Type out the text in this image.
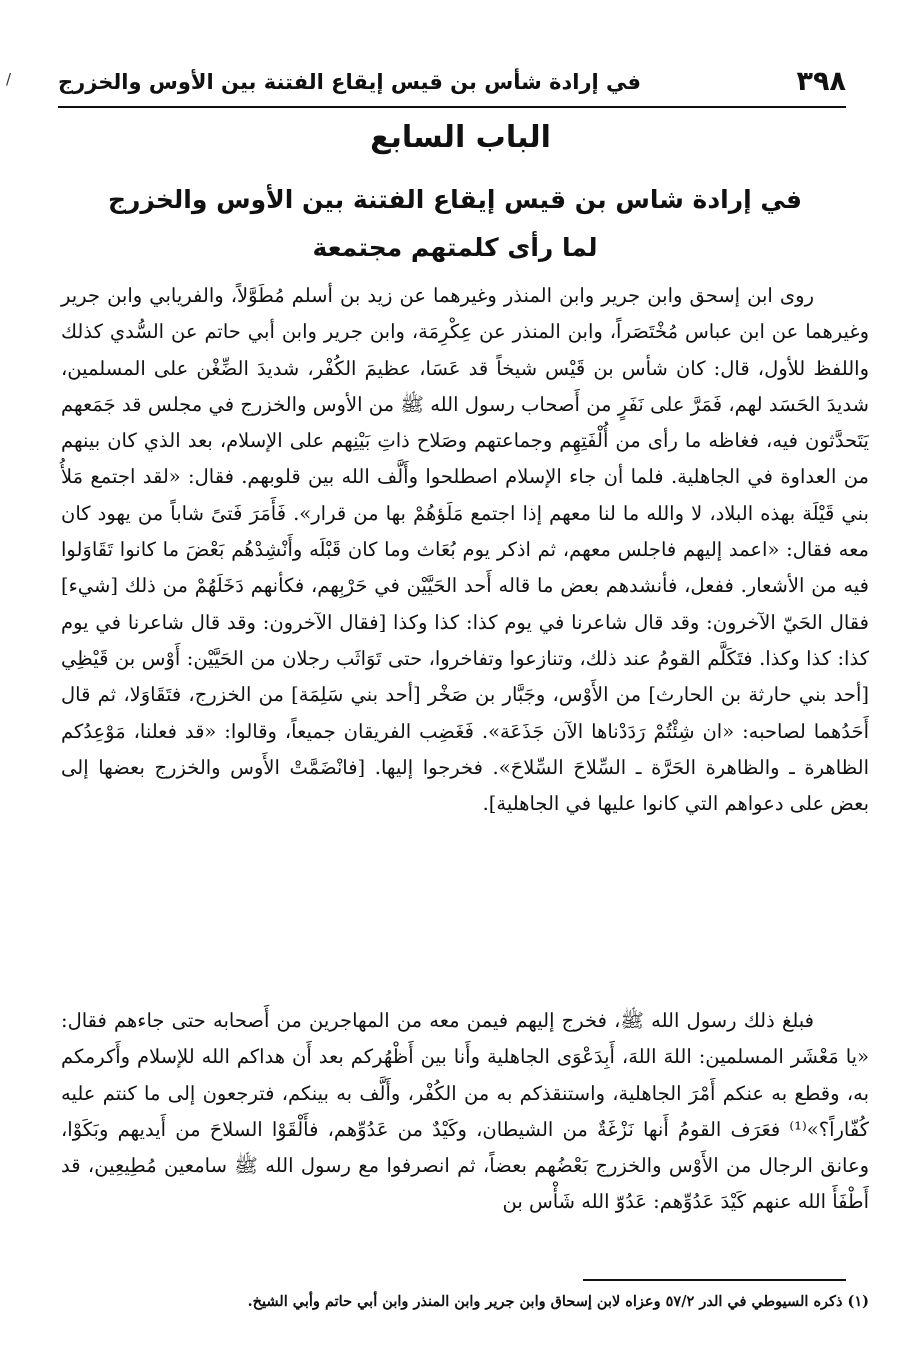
/	٣٩٨
في إرادة شأس بن قيس إيقاع الفتنة بين الأوس والخزرج
الباب السابع
في إرادة شاس بن قيس إيقاع الفتنة بين الأوس والخزرج
لما رأى كلمتهم مجتمعة

روى ابن إسحق وابن جرير وابن المنذر وغيرهما عن زيد بن أسلم مُطَوَّلاً، والفريابي وابن جرير وغيرهما عن ابن عباس مُخْتَصَراً، وابن المنذر عن عِكْرِمَة، وابن جرير وابن أبي حاتم عن السُّدي كذلك واللفظ للأول، قال: كان شأس بن قَيْس شيخاً قد عَسَا، عظيمَ الكُفْر، شديدَ الضِّغْن على المسلمين، شديدَ الحَسَد لهم، فَمَرَّ على نَفَرٍ من أَصحاب رسول الله ﷺ من الأوس والخزرج في مجلس قد جَمَعهم يَتَحدَّثون فيه، فغاظه ما رأى من أُلْفَتِهِم وجماعتهم وصَلاح ذاتِ بَيْنِهم على الإسلام، بعد الذي كان بينهم من العداوة في الجاهلية. فلما أن جاء الإسلام اصطلحوا وأَلَّف الله بين قلوبهم. فقال: «لقد اجتمع مَلأُ بني قَيْلَة بهذه البلاد، لا والله ما لنا معهم إذا اجتمع مَلَؤهُمْ بها من قرار». فَأَمَرَ فَتىً شاباً من يهود كان معه فقال: «اعمد إليهم فاجلس معهم، ثم اذكر يوم بُعَاث وما كان قَبْلَه وأَنْشِدْهُم بَعْضَ ما كانوا تَقَاوَلوا فيه من الأشعار. ففعل، فأنشدهم بعض ما قاله أَحد الحَيَّيْن في حَرْبِهم، فكأنهم دَخَلَهُمْ من ذلك [شيء] فقال الحَيّ الآخرون: وقد قال شاعرنا في يوم كذا: كذا وكذا [فقال الآخرون: وقد قال شاعرنا في يوم كذا: كذا وكذا. فتَكَلَّم القومُ عند ذلك، وتنازعوا وتفاخروا، حتى تَوَاثَب رجلان من الحَيَّيْن: أَوْس بن قَيْظِي [أحد بني حارثة بن الحارث] من الأَوْس، وجَبَّار بن صَخْر [أحد بني سَلِمَة] من الخزرج، فتَقَاوَلا، ثم قال أَحَدُهما لصاحبه: «ان شِئْتُمْ رَدَدْناها الآن جَذَعَة». فَغَضِب الفريقان جميعاً، وقالوا: «قد فعلنا، مَوْعِدُكم الظاهرة ـ والظاهرة الحَرَّة ـ السِّلاحَ السِّلاحَ». فخرجوا إليها. [فانْضَمَّتْ الأَوس والخزرج بعضها إلى بعض على دعواهم التي كانوا عليها في الجاهلية].

فبلغ ذلك رسول الله ﷺ، فخرج إليهم فيمن معه من المهاجرين من أَصحابه حتى جاءهم فقال: «يا مَعْشَر المسلمين: اللهَ اللهَ، أَبِدَعْوَى الجاهلية وأَنا بين أَظْهُركم بعد أَن هداكم الله للإسلام وأَكرمكم به، وقطع به عنكم أَمْرَ الجاهلية، واستنقذكم به من الكُفْر، وأَلَّف به بينكم، فترجعون إلى ما كنتم عليه كُفّاراً؟»⁽¹⁾ فعَرَف القومُ أَنها نَزْغَةٌ من الشيطان، وكَيْدٌ من عَدُوِّهم، فأَلْقَوْا السلاحَ من أَيديهم وبَكَوْا، وعانق الرجال من الأَوْس والخزرج بَعْضُهم بعضاً، ثم انصرفوا مع رسول الله ﷺ سامعين مُطِيعِين، قد أَطْفَأَ الله عنهم كَيْدَ عَدُوِّهم: عَدُوّ الله شَأْس بن

(١) ذكره السيوطي في الدر ٥٧/٢ وعزاه لابن إسحاق وابن جرير وابن المنذر وابن أبي حاتم وأبي الشيخ.
